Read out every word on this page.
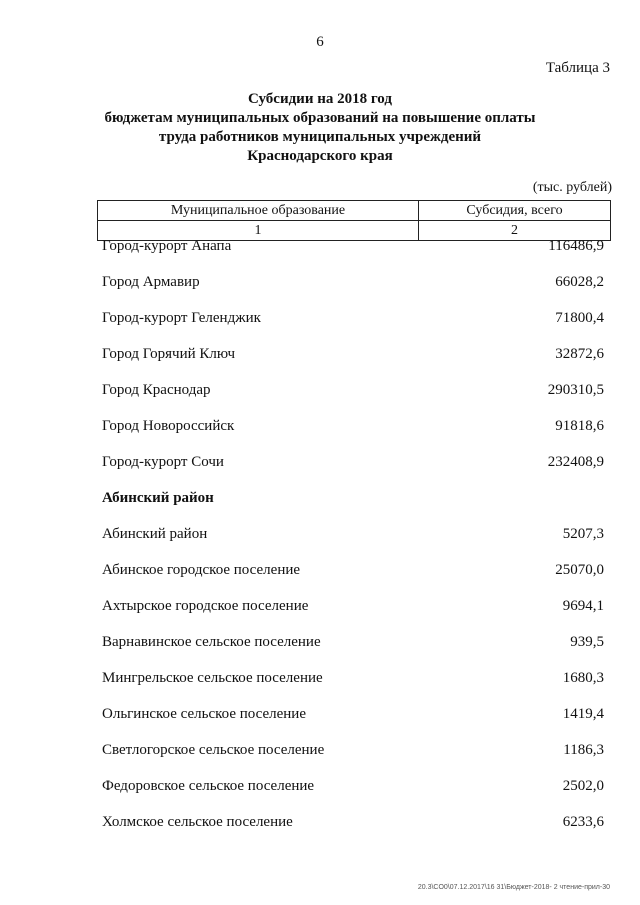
6
Таблица 3
Субсидии на 2018 год
бюджетам муниципальных образований на повышение оплаты
труда работников муниципальных учреждений
Краснодарского края
(тыс. рублей)
Муниципальное образование	Субсидия, всего
1	2
Город-курорт Анапа	116486,9
Город Армавир	66028,2
Город-курорт Геленджик	71800,4
Город Горячий Ключ	32872,6
Город Краснодар	290310,5
Город Новороссийск	91818,6
Город-курорт Сочи	232408,9
Абинский район
Абинский район	5207,3
Абинское городское поселение	25070,0
Ахтырское городское поселение	9694,1
Варнавинское сельское поселение	939,5
Мингрельское сельское поселение	1680,3
Ольгинское сельское поселение	1419,4
Светлогорское сельское поселение	1186,3
Федоровское сельское поселение	2502,0
Холмское сельское поселение	6233,6
20.3\CO0\07.12.2017\16 31\Бюджет-2018- 2 чтение-прил-30
